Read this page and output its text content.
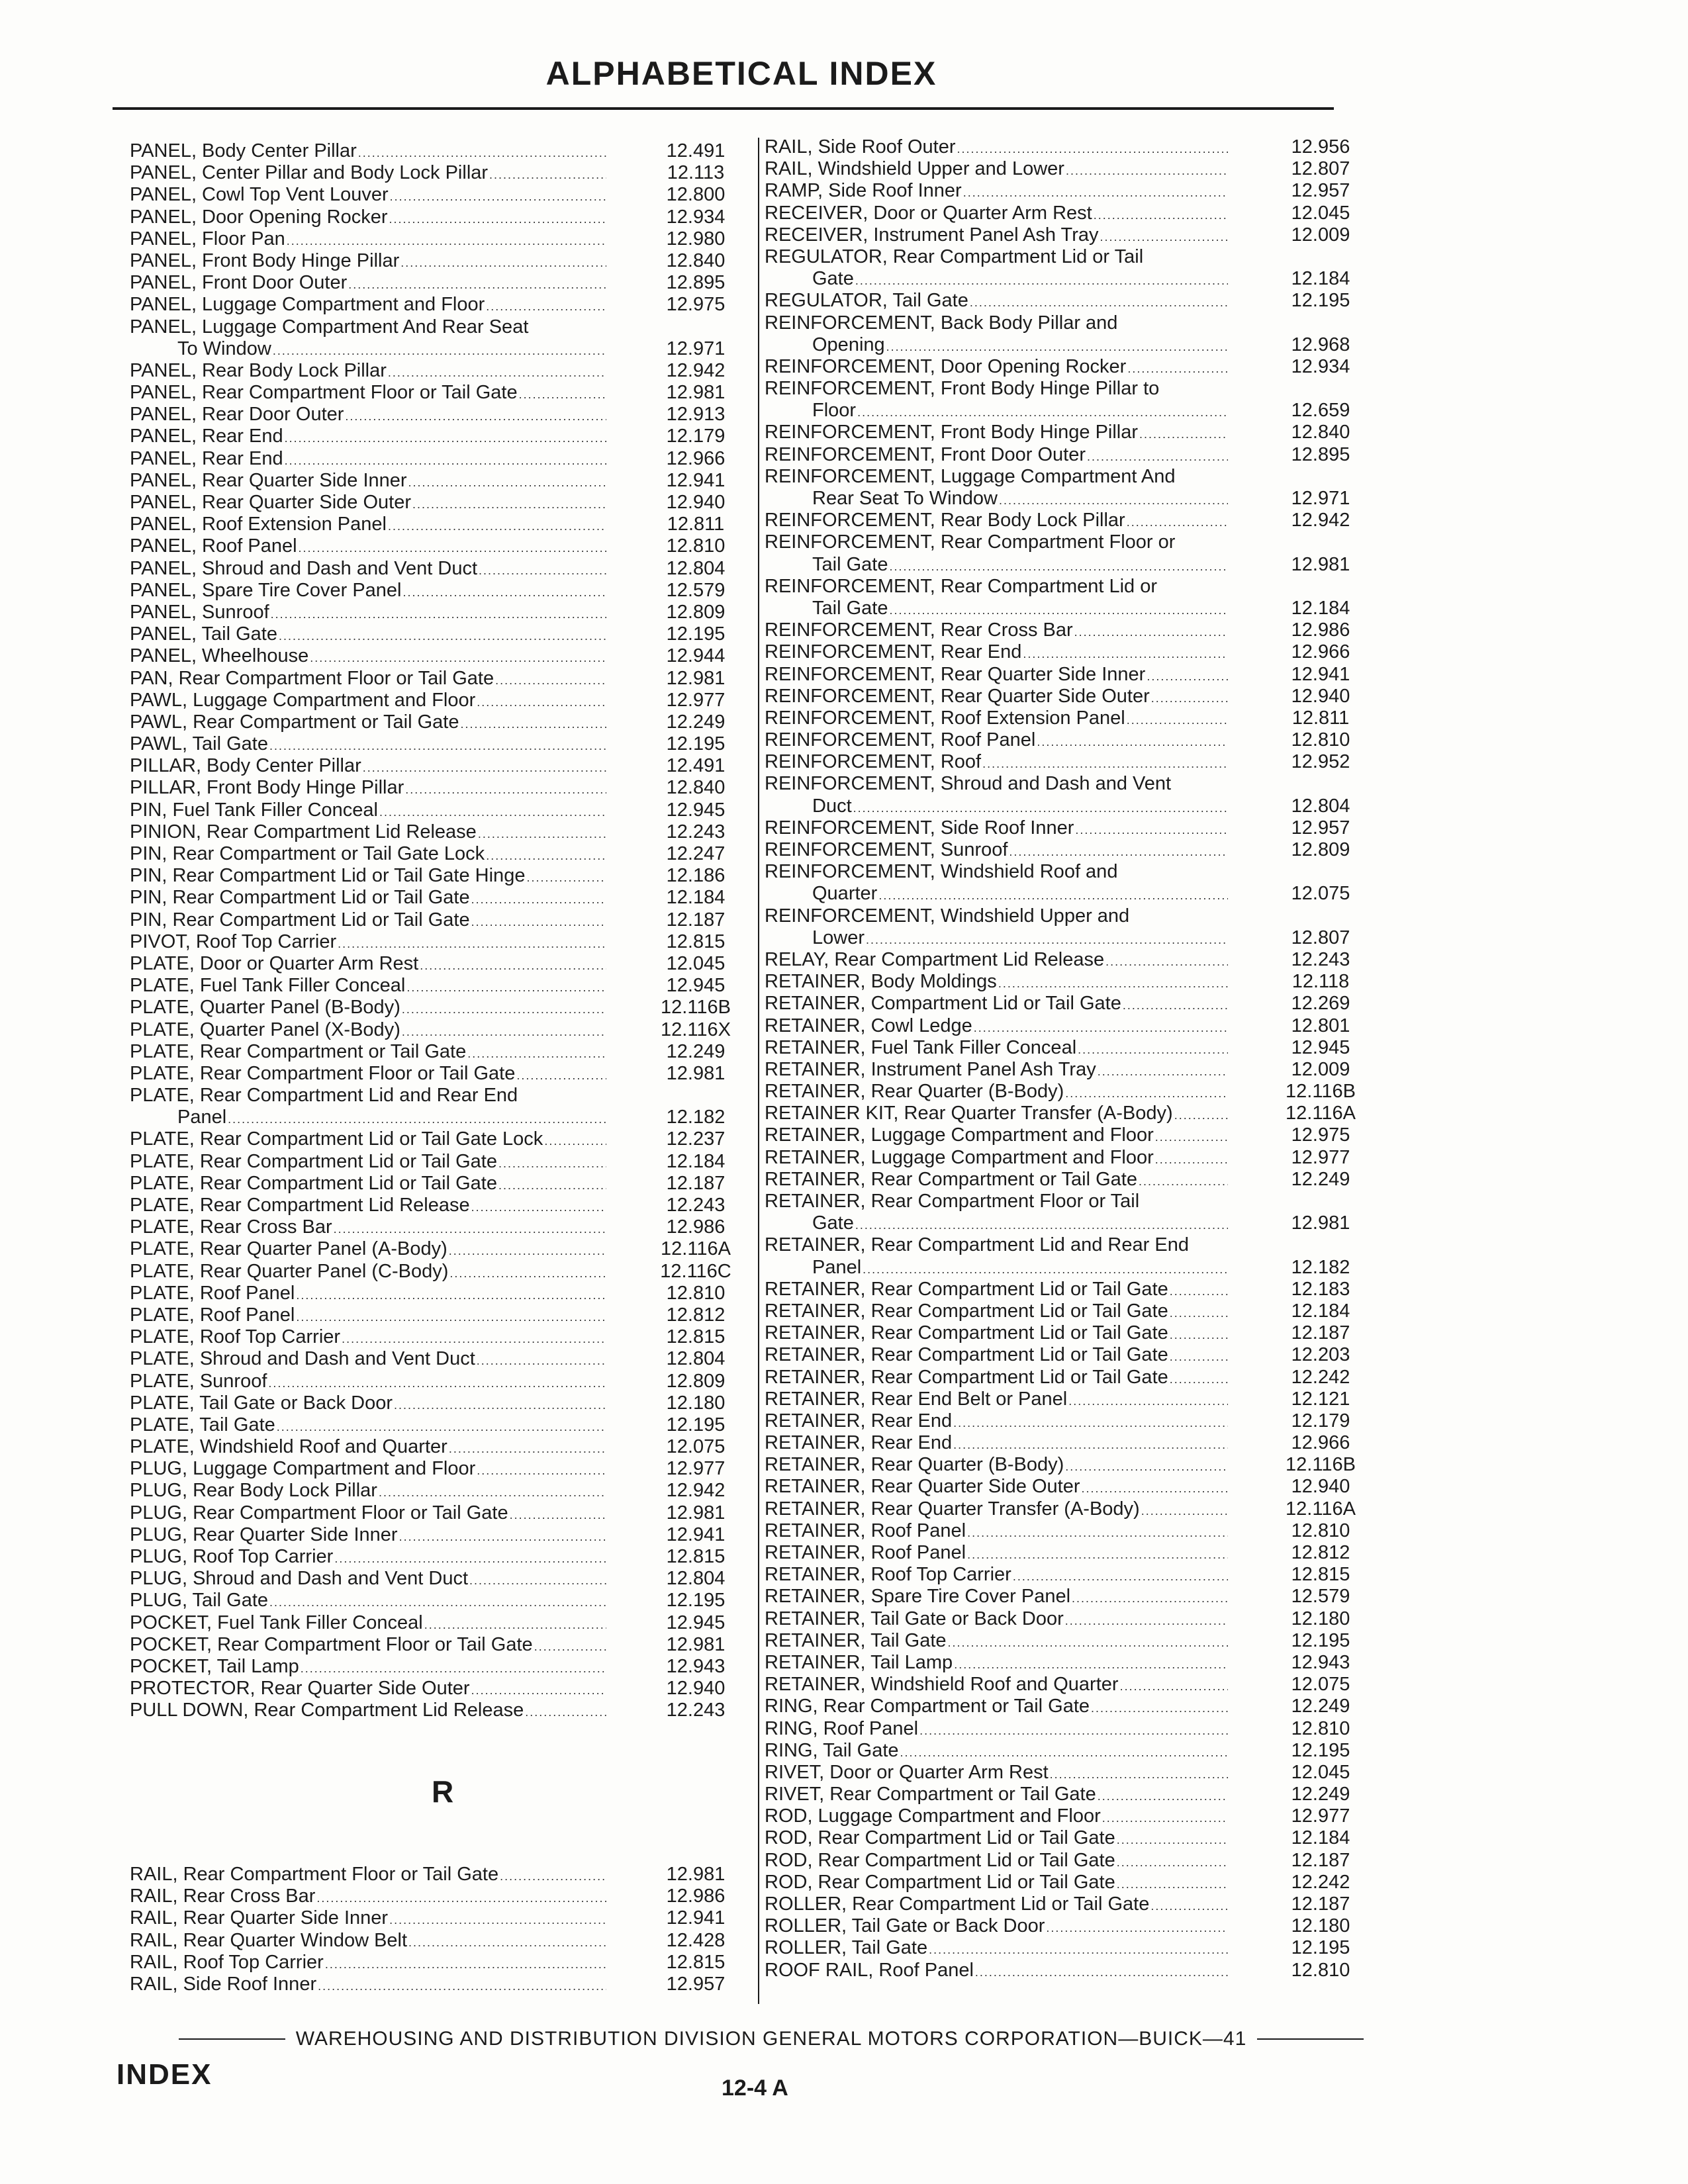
ALPHABETICAL INDEX
PANEL, Body Center Pillar .....	12.491
PANEL, Center Pillar and Body Lock Pillar .....	12.113
PANEL, Cowl Top Vent Louver .....	12.800
PANEL, Door Opening Rocker .....	12.934
PANEL, Floor Pan .....	12.980
PANEL, Front Body Hinge Pillar .....	12.840
PANEL, Front Door Outer .....	12.895
PANEL, Luggage Compartment and Floor .....	12.975
PANEL, Luggage Compartment And Rear Seat
To Window .....	12.971
PANEL, Rear Body Lock Pillar .....	12.942
PANEL, Rear Compartment Floor or Tail Gate .....	12.981
PANEL, Rear Door Outer .....	12.913
PANEL, Rear End .....	12.179
PANEL, Rear End .....	12.966
PANEL, Rear Quarter Side Inner .....	12.941
PANEL, Rear Quarter Side Outer .....	12.940
PANEL, Roof Extension Panel .....	12.811
PANEL, Roof Panel .....	12.810
PANEL, Shroud and Dash and Vent Duct .....	12.804
PANEL, Spare Tire Cover Panel .....	12.579
PANEL, Sunroof .....	12.809
PANEL, Tail Gate .....	12.195
PANEL, Wheelhouse .....	12.944
PAN, Rear Compartment Floor or Tail Gate .....	12.981
PAWL, Luggage Compartment and Floor .....	12.977
PAWL, Rear Compartment or Tail Gate .....	12.249
PAWL, Tail Gate .....	12.195
PILLAR, Body Center Pillar .....	12.491
PILLAR, Front Body Hinge Pillar .....	12.840
PIN, Fuel Tank Filler Conceal .....	12.945
PINION, Rear Compartment Lid Release .....	12.243
PIN, Rear Compartment or Tail Gate Lock .....	12.247
PIN, Rear Compartment Lid or Tail Gate Hinge .....	12.186
PIN, Rear Compartment Lid or Tail Gate .....	12.184
PIN, Rear Compartment Lid or Tail Gate .....	12.187
PIVOT, Roof Top Carrier .....	12.815
PLATE, Door or Quarter Arm Rest .....	12.045
PLATE, Fuel Tank Filler Conceal .....	12.945
PLATE, Quarter Panel (B-Body) .....	12.116B
PLATE, Quarter Panel (X-Body) .....	12.116X
PLATE, Rear Compartment or Tail Gate .....	12.249
PLATE, Rear Compartment Floor or Tail Gate .....	12.981
PLATE, Rear Compartment Lid and Rear End
Panel .....	12.182
PLATE, Rear Compartment Lid or Tail Gate Lock .....	12.237
PLATE, Rear Compartment Lid or Tail Gate .....	12.184
PLATE, Rear Compartment Lid or Tail Gate .....	12.187
PLATE, Rear Compartment Lid Release .....	12.243
PLATE, Rear Cross Bar .....	12.986
PLATE, Rear Quarter Panel (A-Body) .....	12.116A
PLATE, Rear Quarter Panel (C-Body) .....	12.116C
PLATE, Roof Panel .....	12.810
PLATE, Roof Panel .....	12.812
PLATE, Roof Top Carrier .....	12.815
PLATE, Shroud and Dash and Vent Duct .....	12.804
PLATE, Sunroof .....	12.809
PLATE, Tail Gate or Back Door .....	12.180
PLATE, Tail Gate .....	12.195
PLATE, Windshield Roof and Quarter .....	12.075
PLUG, Luggage Compartment and Floor .....	12.977
PLUG, Rear Body Lock Pillar .....	12.942
PLUG, Rear Compartment Floor or Tail Gate .....	12.981
PLUG, Rear Quarter Side Inner .....	12.941
PLUG, Roof Top Carrier .....	12.815
PLUG, Shroud and Dash and Vent Duct .....	12.804
PLUG, Tail Gate .....	12.195
POCKET, Fuel Tank Filler Conceal .....	12.945
POCKET, Rear Compartment Floor or Tail Gate .....	12.981
POCKET, Tail Lamp .....	12.943
PROTECTOR, Rear Quarter Side Outer .....	12.940
PULL DOWN, Rear Compartment Lid Release .....	12.243
R
RAIL, Rear Compartment Floor or Tail Gate .....	12.981
RAIL, Rear Cross Bar .....	12.986
RAIL, Rear Quarter Side Inner .....	12.941
RAIL, Rear Quarter Window Belt .....	12.428
RAIL, Roof Top Carrier .....	12.815
RAIL, Side Roof Inner .....	12.957
RAIL, Side Roof Outer .....	12.956
RAIL, Windshield Upper and Lower .....	12.807
RAMP, Side Roof Inner .....	12.957
RECEIVER, Door or Quarter Arm Rest .....	12.045
RECEIVER, Instrument Panel Ash Tray .....	12.009
REGULATOR, Rear Compartment Lid or Tail
Gate .....	12.184
REGULATOR, Tail Gate .....	12.195
REINFORCEMENT, Back Body Pillar and
Opening .....	12.968
REINFORCEMENT, Door Opening Rocker .....	12.934
REINFORCEMENT, Front Body Hinge Pillar to
Floor .....	12.659
REINFORCEMENT, Front Body Hinge Pillar .....	12.840
REINFORCEMENT, Front Door Outer .....	12.895
REINFORCEMENT, Luggage Compartment And
Rear Seat To Window .....	12.971
REINFORCEMENT, Rear Body Lock Pillar .....	12.942
REINFORCEMENT, Rear Compartment Floor or
Tail Gate .....	12.981
REINFORCEMENT, Rear Compartment Lid or
Tail Gate .....	12.184
REINFORCEMENT, Rear Cross Bar .....	12.986
REINFORCEMENT, Rear End .....	12.966
REINFORCEMENT, Rear Quarter Side Inner .....	12.941
REINFORCEMENT, Rear Quarter Side Outer .....	12.940
REINFORCEMENT, Roof Extension Panel .....	12.811
REINFORCEMENT, Roof Panel .....	12.810
REINFORCEMENT, Roof .....	12.952
REINFORCEMENT, Shroud and Dash and Vent
Duct .....	12.804
REINFORCEMENT, Side Roof Inner .....	12.957
REINFORCEMENT, Sunroof .....	12.809
REINFORCEMENT, Windshield Roof and
Quarter .....	12.075
REINFORCEMENT, Windshield Upper and
Lower .....	12.807
RELAY, Rear Compartment Lid Release .....	12.243
RETAINER, Body Moldings .....	12.118
RETAINER, Compartment Lid or Tail Gate .....	12.269
RETAINER, Cowl Ledge .....	12.801
RETAINER, Fuel Tank Filler Conceal .....	12.945
RETAINER, Instrument Panel Ash Tray .....	12.009
RETAINER, Rear Quarter (B-Body) .....	12.116B
RETAINER KIT, Rear Quarter Transfer (A-Body) .....	12.116A
RETAINER, Luggage Compartment and Floor .....	12.975
RETAINER, Luggage Compartment and Floor .....	12.977
RETAINER, Rear Compartment or Tail Gate .....	12.249
RETAINER, Rear Compartment Floor or Tail
Gate .....	12.981
RETAINER, Rear Compartment Lid and Rear End
Panel .....	12.182
RETAINER, Rear Compartment Lid or Tail Gate .....	12.183
RETAINER, Rear Compartment Lid or Tail Gate .....	12.184
RETAINER, Rear Compartment Lid or Tail Gate .....	12.187
RETAINER, Rear Compartment Lid or Tail Gate .....	12.203
RETAINER, Rear Compartment Lid or Tail Gate .....	12.242
RETAINER, Rear End Belt or Panel .....	12.121
RETAINER, Rear End .....	12.179
RETAINER, Rear End .....	12.966
RETAINER, Rear Quarter (B-Body) .....	12.116B
RETAINER, Rear Quarter Side Outer .....	12.940
RETAINER, Rear Quarter Transfer (A-Body) .....	12.116A
RETAINER, Roof Panel .....	12.810
RETAINER, Roof Panel .....	12.812
RETAINER, Roof Top Carrier .....	12.815
RETAINER, Spare Tire Cover Panel .....	12.579
RETAINER, Tail Gate or Back Door .....	12.180
RETAINER, Tail Gate .....	12.195
RETAINER, Tail Lamp .....	12.943
RETAINER, Windshield Roof and Quarter .....	12.075
RING, Rear Compartment or Tail Gate .....	12.249
RING, Roof Panel .....	12.810
RING, Tail Gate .....	12.195
RIVET, Door or Quarter Arm Rest .....	12.045
RIVET, Rear Compartment or Tail Gate .....	12.249
ROD, Luggage Compartment and Floor .....	12.977
ROD, Rear Compartment Lid or Tail Gate .....	12.184
ROD, Rear Compartment Lid or Tail Gate .....	12.187
ROD, Rear Compartment Lid or Tail Gate .....	12.242
ROLLER, Rear Compartment Lid or Tail Gate .....	12.187
ROLLER, Tail Gate or Back Door .....	12.180
ROLLER, Tail Gate .....	12.195
ROOF RAIL, Roof Panel .....	12.810
WAREHOUSING AND DISTRIBUTION DIVISION GENERAL MOTORS CORPORATION—BUICK—41
INDEX	12-4 A
